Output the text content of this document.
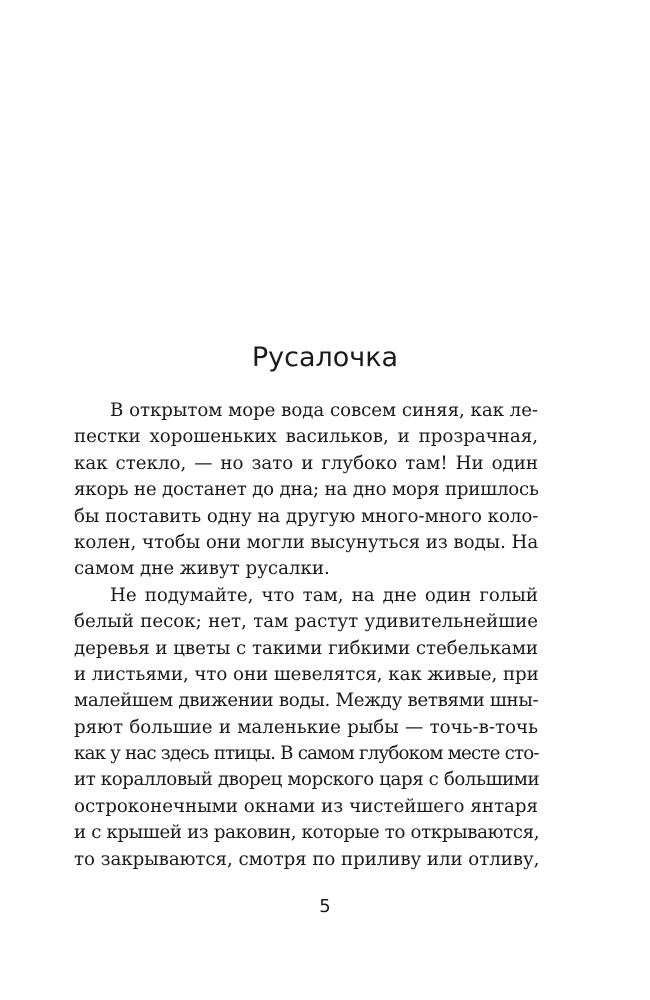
Русалочка
В открытом море вода совсем синяя, как ле-
пестки хорошеньких васильков, и прозрачная,
как стекло, — но зато и глубоко там! Ни один
якорь не достанет до дна; на дно моря пришлось
бы поставить одну на другую много-много коло-
колен, чтобы они могли высунуться из воды. На
самом дне живут русалки.
Не подумайте, что там, на дне один голый
белый песок; нет, там растут удивительнейшие
деревья и цветы с такими гибкими стебельками
и листьями, что они шевелятся, как живые, при
малейшем движении воды. Между ветвями шны-
ряют большие и маленькие рыбы — точь-в-точь
как у нас здесь птицы. В самом глубоком месте сто-
ит коралловый дворец морского царя с большими
остроконечными окнами из чистейшего янтаря
и с крышей из раковин, которые то открываются,
то закрываются, смотря по приливу или отливу,
5
